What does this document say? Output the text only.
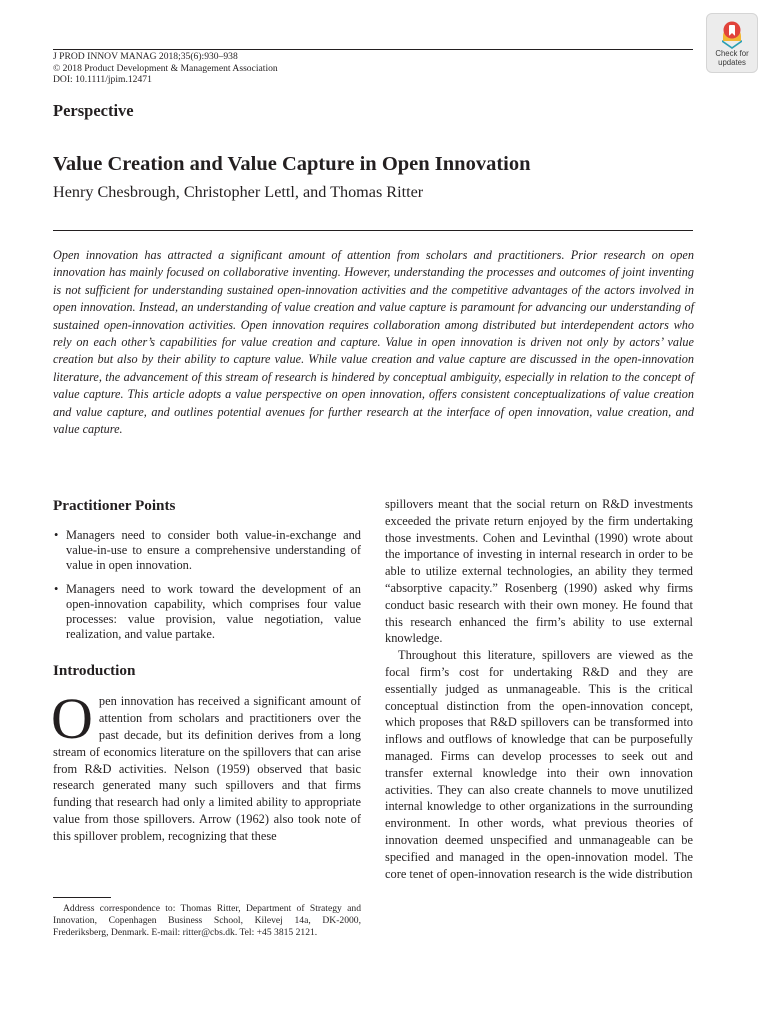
J PROD INNOV MANAG 2018;35(6):930–938
© 2018 Product Development & Management Association
DOI: 10.1111/jpim.12471
Check for
updates
Perspective
Value Creation and Value Capture in Open Innovation
Henry Chesbrough, Christopher Lettl, and Thomas Ritter

Open innovation has attracted a significant amount of attention from scholars and practitioners. Prior research on open innovation has mainly focused on collaborative inventing. However, understanding the processes and outcomes of joint inventing is not sufficient for understanding sustained open-innovation activities and the competitive advantages of the actors involved in open innovation. Instead, an understanding of value creation and value capture is paramount for advancing our understanding of sustained open-innovation activities. Open innovation requires collaboration among distributed but interdependent actors who rely on each other’s capabilities for value creation and capture. Value in open innovation is driven not only by actors’ value creation but also by their ability to capture value. While value creation and value capture are discussed in the open-innovation literature, the advancement of this stream of research is hindered by conceptual ambiguity, especially in relation to the concept of value capture. This article adopts a value perspective on open innovation, offers consistent conceptualizations of value creation and value capture, and outlines potential avenues for further research at the interface of open innovation, value creation, and value capture.

Practitioner Points
• Managers need to consider both value-in-exchange and value-in-use to ensure a comprehensive understanding of value in open innovation.
• Managers need to work toward the development of an open-innovation capability, which comprises four value processes: value provision, value negotiation, value realization, and value partake.
Introduction

Open innovation has received a significant amount of attention from scholars and practitioners over the past decade, but its definition derives from a long stream of economics literature on the spillovers that can arise from R&D activities. Nelson (1959) observed that basic research generated many such spillovers and that firms funding that research had only a limited ability to appropriate value from those spillovers. Arrow (1962) also took note of this spillover problem, recognizing that these

Address correspondence to: Thomas Ritter, Department of Strategy and Innovation, Copenhagen Business School, Kilevej 14a, DK-2000, Frederiksberg, Denmark. E-mail: ritter@cbs.dk. Tel: +45 3815 2121.

spillovers meant that the social return on R&D investments exceeded the private return enjoyed by the firm undertaking those investments. Cohen and Levinthal (1990) wrote about the importance of investing in internal research in order to be able to utilize external technologies, an ability they termed “absorptive capacity.” Rosenberg (1990) asked why firms conduct basic research with their own money. He found that this research enhanced the firm’s ability to use external knowledge.

Throughout this literature, spillovers are viewed as the focal firm’s cost for undertaking R&D and they are essentially judged as unmanageable. This is the critical conceptual distinction from the open-innovation concept, which proposes that R&D spillovers can be transformed into inflows and outflows of knowledge that can be purposefully managed. Firms can develop processes to seek out and transfer external knowledge into their own innovation activities. They can also create channels to move unutilized internal knowledge to other organizations in the surrounding environment. In other words, what previous theories of innovation deemed unspecified and unmanageable can be specified and managed in the open-innovation model. The core tenet of open-innovation research is the wide distribution
